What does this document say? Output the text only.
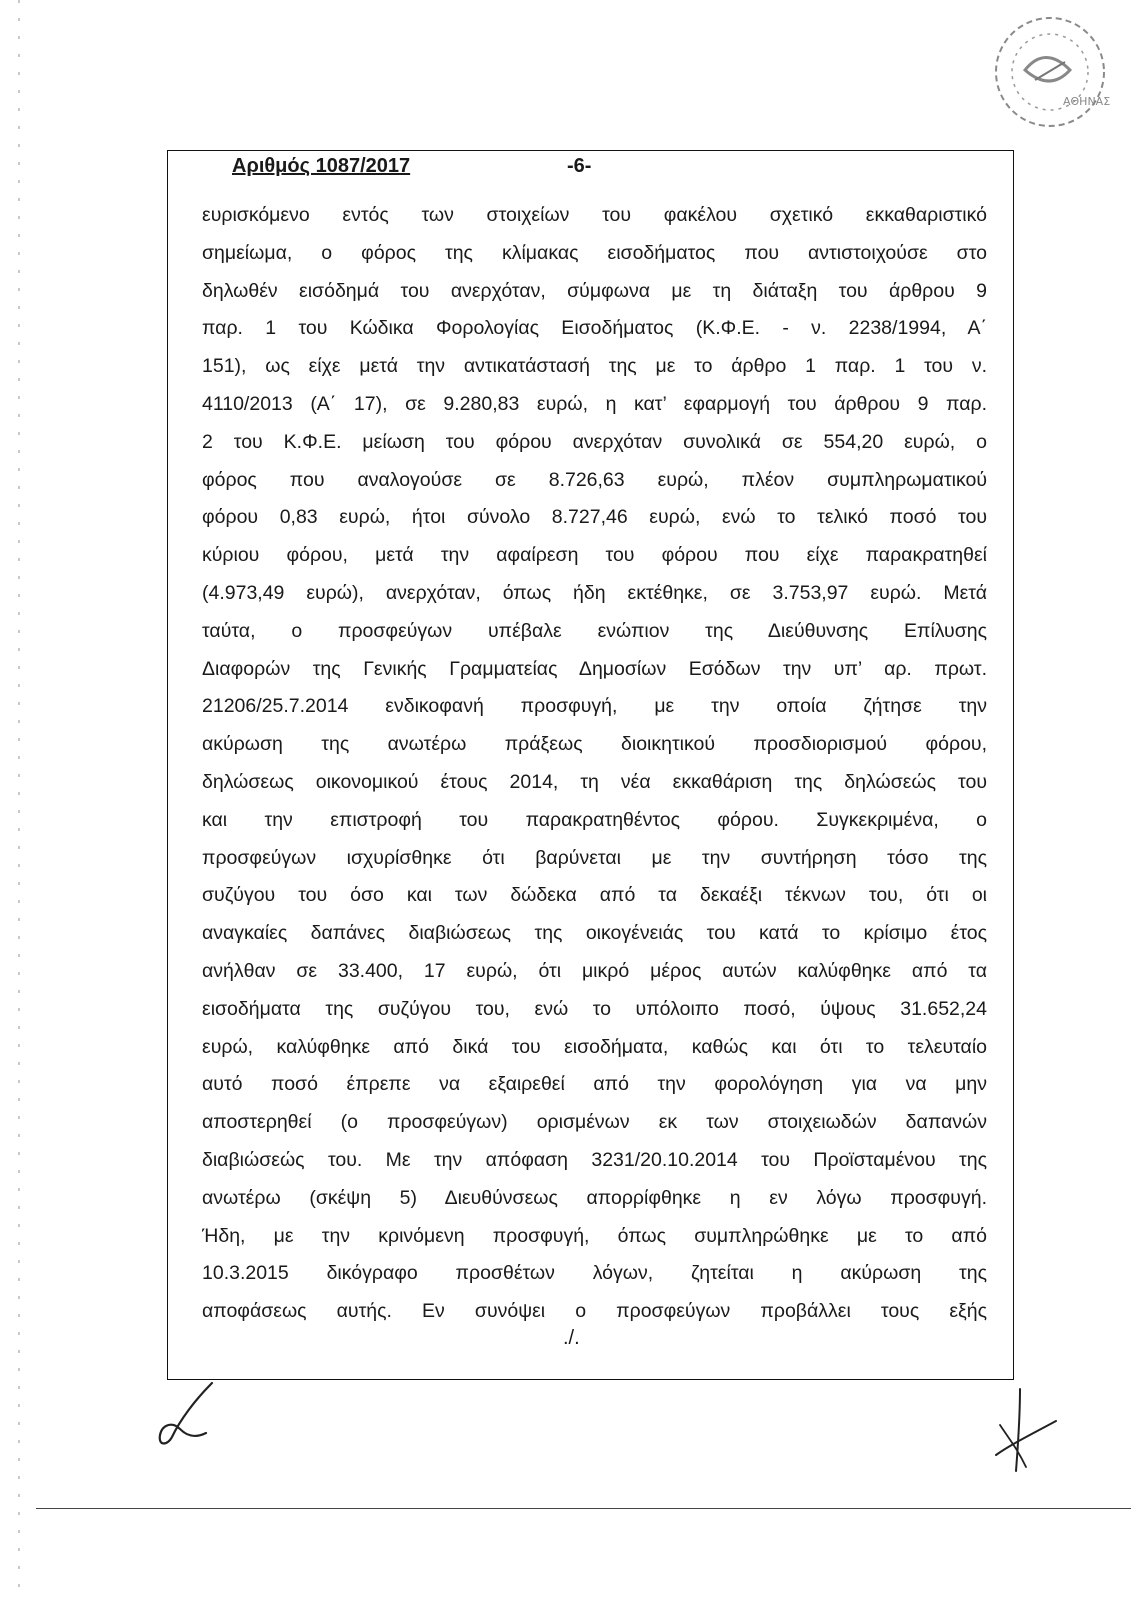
ΑΘΗΝΑΣ
Αριθμός 1087/2017	-6-
ευρισκόμενο εντός των στοιχείων του φακέλου σχετικό εκκαθαριστικό
σημείωμα, ο φόρος της κλίμακας εισοδήματος που αντιστοιχούσε στο
δηλωθέν εισόδημά του ανερχόταν, σύμφωνα με τη διάταξη του άρθρου 9
παρ. 1 του Κώδικα Φορολογίας Εισοδήματος (Κ.Φ.Ε. - ν. 2238/1994, Α΄
151), ως είχε μετά την αντικατάστασή της με το άρθρο 1 παρ. 1 του ν.
4110/2013 (Α΄ 17), σε 9.280,83 ευρώ, η κατ’ εφαρμογή του άρθρου 9 παρ.
2 του Κ.Φ.Ε. μείωση του φόρου ανερχόταν συνολικά σε 554,20 ευρώ, ο
φόρος που αναλογούσε σε 8.726,63 ευρώ, πλέον συμπληρωματικού
φόρου 0,83 ευρώ, ήτοι σύνολο 8.727,46 ευρώ, ενώ το τελικό ποσό του
κύριου φόρου, μετά την αφαίρεση του φόρου που είχε παρακρατηθεί
(4.973,49 ευρώ), ανερχόταν, όπως ήδη εκτέθηκε, σε 3.753,97 ευρώ. Μετά
ταύτα, ο προσφεύγων υπέβαλε ενώπιον της Διεύθυνσης Επίλυσης
Διαφορών της Γενικής Γραμματείας Δημοσίων Εσόδων την υπ’ αρ. πρωτ.
21206/25.7.2014 ενδικοφανή προσφυγή, με την οποία ζήτησε την
ακύρωση της ανωτέρω πράξεως διοικητικού προσδιορισμού φόρου,
δηλώσεως οικονομικού έτους 2014, τη νέα εκκαθάριση της δηλώσεώς του
και την επιστροφή του παρακρατηθέντος φόρου. Συγκεκριμένα, ο
προσφεύγων ισχυρίσθηκε ότι βαρύνεται με την συντήρηση τόσο της
συζύγου του όσο και των δώδεκα από τα δεκαέξι τέκνων του, ότι οι
αναγκαίες δαπάνες διαβιώσεως της οικογένειάς του κατά το κρίσιμο έτος
ανήλθαν σε 33.400, 17 ευρώ, ότι μικρό μέρος αυτών καλύφθηκε από τα
εισοδήματα της συζύγου του, ενώ το υπόλοιπο ποσό, ύψους 31.652,24
ευρώ, καλύφθηκε από δικά του εισοδήματα, καθώς και ότι το τελευταίο
αυτό ποσό έπρεπε να εξαιρεθεί από την φορολόγηση για να μην
αποστερηθεί (ο προσφεύγων) ορισμένων εκ των στοιχειωδών δαπανών
διαβιώσεώς του. Με την απόφαση 3231/20.10.2014 του Προϊσταμένου της
ανωτέρω (σκέψη 5) Διευθύνσεως απορρίφθηκε η εν λόγω προσφυγή.
Ήδη, με την κρινόμενη προσφυγή, όπως συμπληρώθηκε με το από
10.3.2015 δικόγραφο προσθέτων λόγων, ζητείται η ακύρωση της
αποφάσεως αυτής. Εν συνόψει ο προσφεύγων προβάλλει τους εξής
./.
